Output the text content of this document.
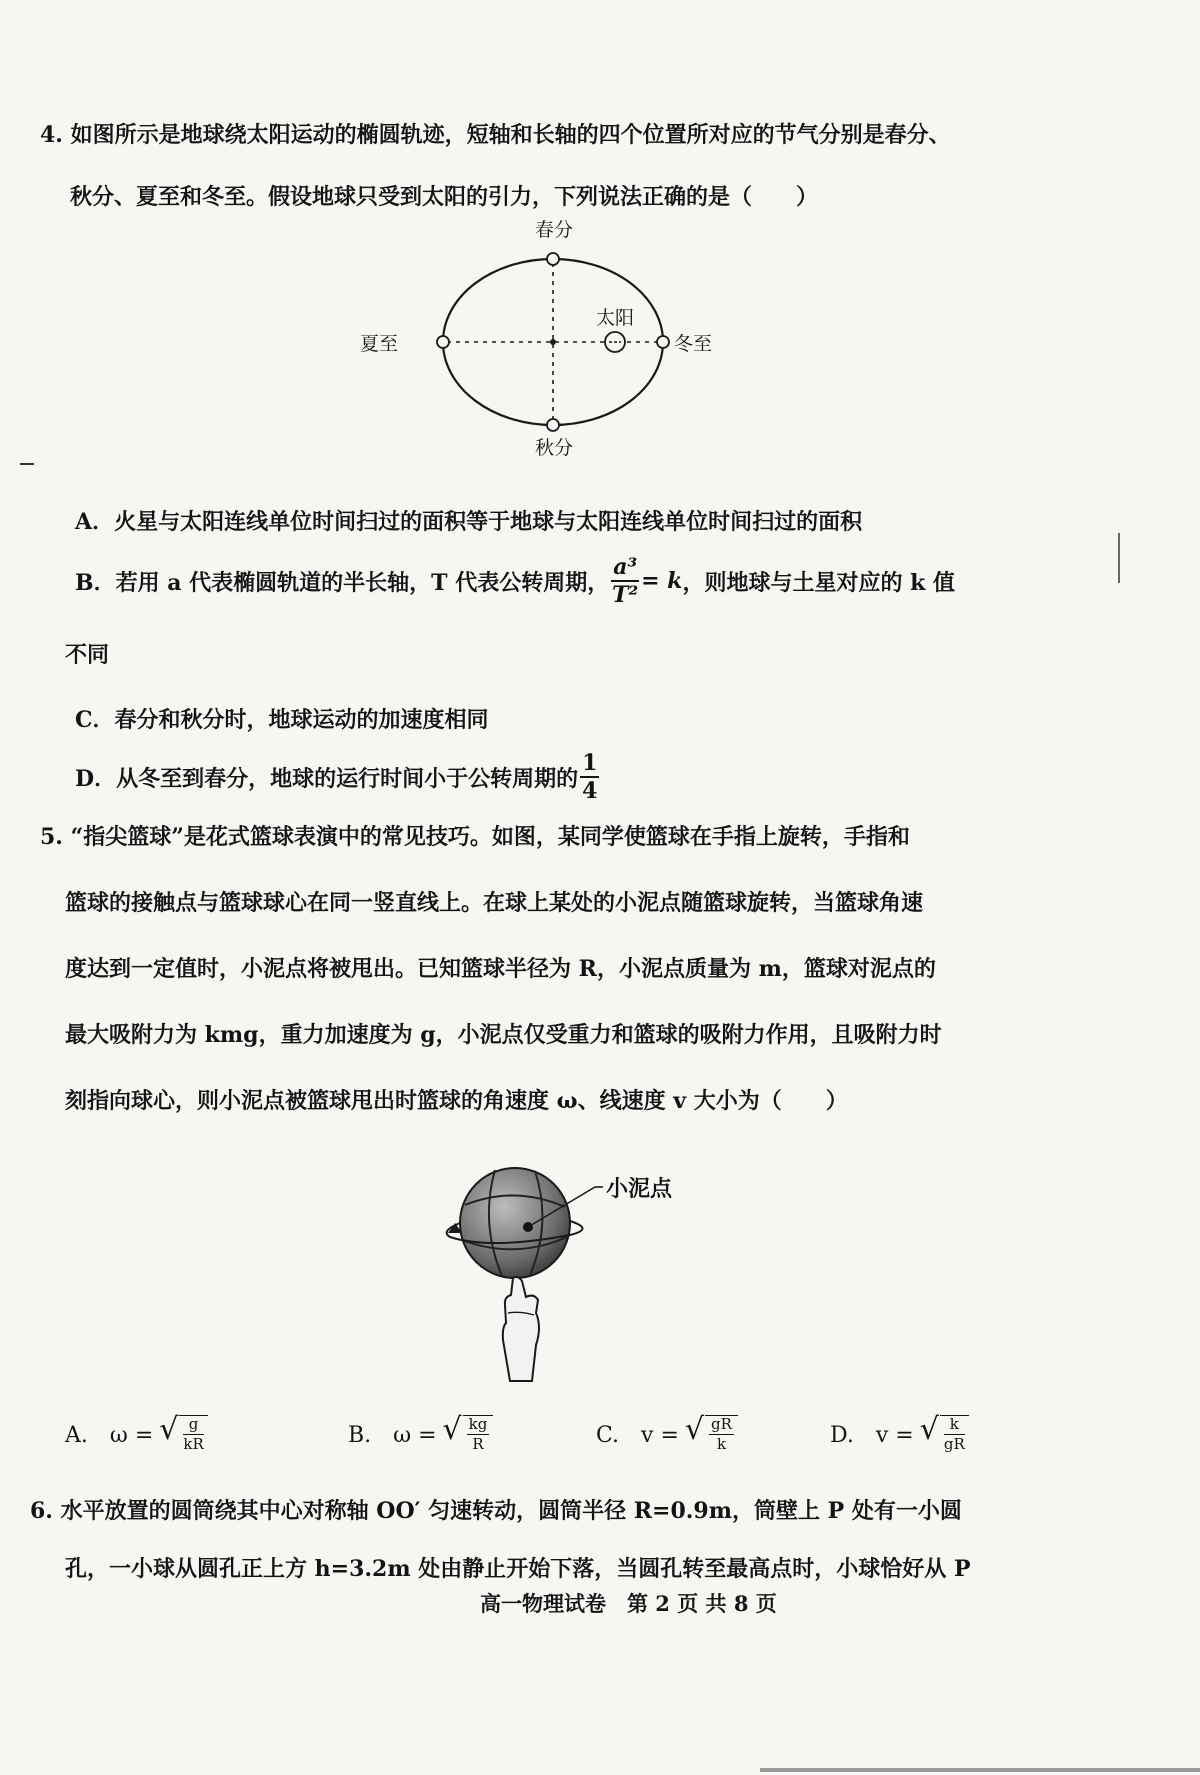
4. 如图所示是地球绕太阳运动的椭圆轨迹，短轴和长轴的四个位置所对应的节气分别是春分、
秋分、夏至和冬至。假设地球只受到太阳的引力，下列说法正确的是（　　）
春分
秋分
夏至	冬至
太阳
A．火星与太阳连线单位时间扫过的面积等于地球与太阳连线单位时间扫过的面积
B．若用 a 代表椭圆轨道的半长轴，T 代表公转周期， $\frac{\text{a³}}{\text{T²}} = k$ ，则地球与土星对应的 k 值
不同
C．春分和秋分时，地球运动的加速度相同
D．从冬至到春分，地球的运行时间小于公转周期的 $\frac{1}{4}$
5. “指尖篮球”是花式篮球表演中的常见技巧。如图，某同学使篮球在手指上旋转，手指和
篮球的接触点与篮球球心在同一竖直线上。在球上某处的小泥点随篮球旋转，当篮球角速
度达到一定值时，小泥点将被甩出。已知篮球半径为 R，小泥点质量为 m，篮球对泥点的
最大吸附力为 kmg，重力加速度为 g，小泥点仅受重力和篮球的吸附力作用，且吸附力时
刻指向球心，则小泥点被篮球甩出时篮球的角速度 ω、线速度 v 大小为（　　）
小泥点
A.　ω = √ $\frac{g}{kR}$	B.　ω = √ $\frac{kg}{R}$	C.　v = √ $\frac{gR}{k}$	D.　v = √ $\frac{k}{gR}$
6. 水平放置的圆筒绕其中心对称轴 OO′ 匀速转动，圆筒半径 R=0.9m，筒壁上 P 处有一小圆
孔，一小球从圆孔正上方 h=3.2m 处由静止开始下落，当圆孔转至最高点时，小球恰好从 P
高一物理试卷　第 2 页 共 8 页
